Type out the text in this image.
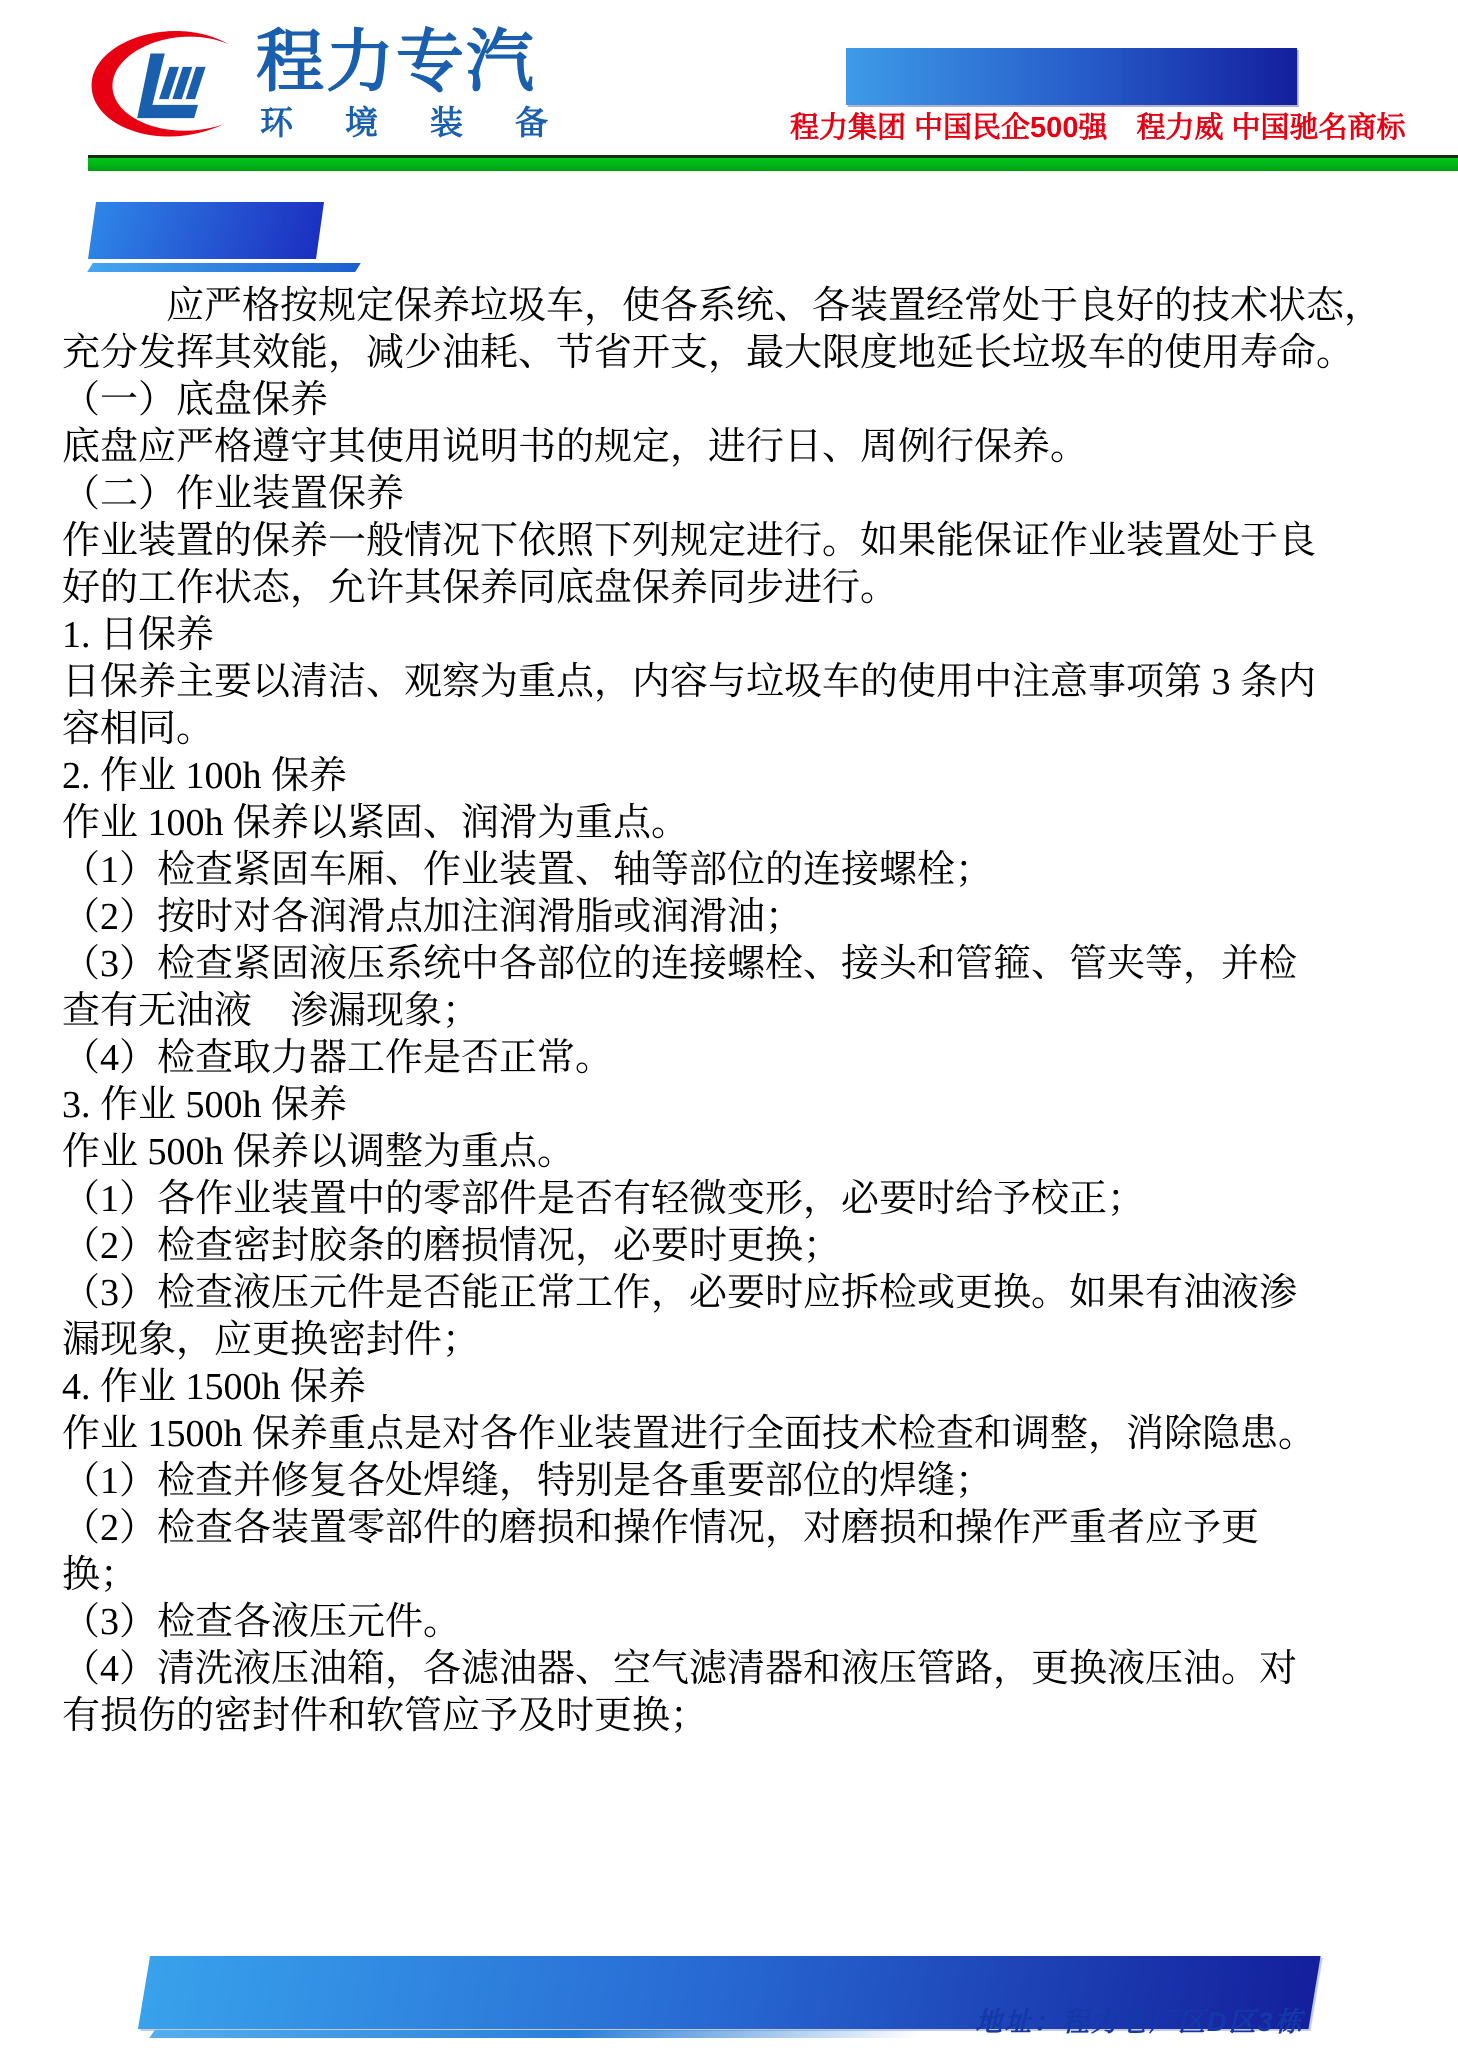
程力专汽
环境装备	程力集团 中国民企500强　程力威 中国驰名商标
应严格按规定保养垃圾车，使各系统、各装置经常处于良好的技术状态，
充分发挥其效能，减少油耗、节省开支，最大限度地延长垃圾车的使用寿命。
（一）底盘保养
底盘应严格遵守其使用说明书的规定，进行日、周例行保养。
（二）作业装置保养
作业装置的保养一般情况下依照下列规定进行。如果能保证作业装置处于良
好的工作状态，允许其保养同底盘保养同步进行。
1. 日保养
日保养主要以清洁、观察为重点，内容与垃圾车的使用中注意事项第 3 条内
容相同。
2. 作业 100h 保养
作业 100h 保养以紧固、润滑为重点。
（1）检查紧固车厢、作业装置、轴等部位的连接螺栓；
（2）按时对各润滑点加注润滑脂或润滑油；
（3）检查紧固液压系统中各部位的连接螺栓、接头和管箍、管夹等，并检
查有无油液　渗漏现象；
（4）检查取力器工作是否正常。
3. 作业 500h 保养
作业 500h 保养以调整为重点。
（1）各作业装置中的零部件是否有轻微变形，必要时给予校正；
（2）检查密封胶条的磨损情况，必要时更换；
（3）检查液压元件是否能正常工作，必要时应拆检或更换。如果有油液渗
漏现象，应更换密封件；
4. 作业 1500h 保养
作业 1500h 保养重点是对各作业装置进行全面技术检查和调整，消除隐患。
（1）检查并修复各处焊缝，特别是各重要部位的焊缝；
（2）检查各装置零部件的磨损和操作情况，对磨损和操作严重者应予更
换；
（3）检查各液压元件。
（4）清洗液压油箱，各滤油器、空气滤清器和液压管路，更换液压油。对
有损伤的密封件和软管应予及时更换；
地址：程力老厂区D区3栋
